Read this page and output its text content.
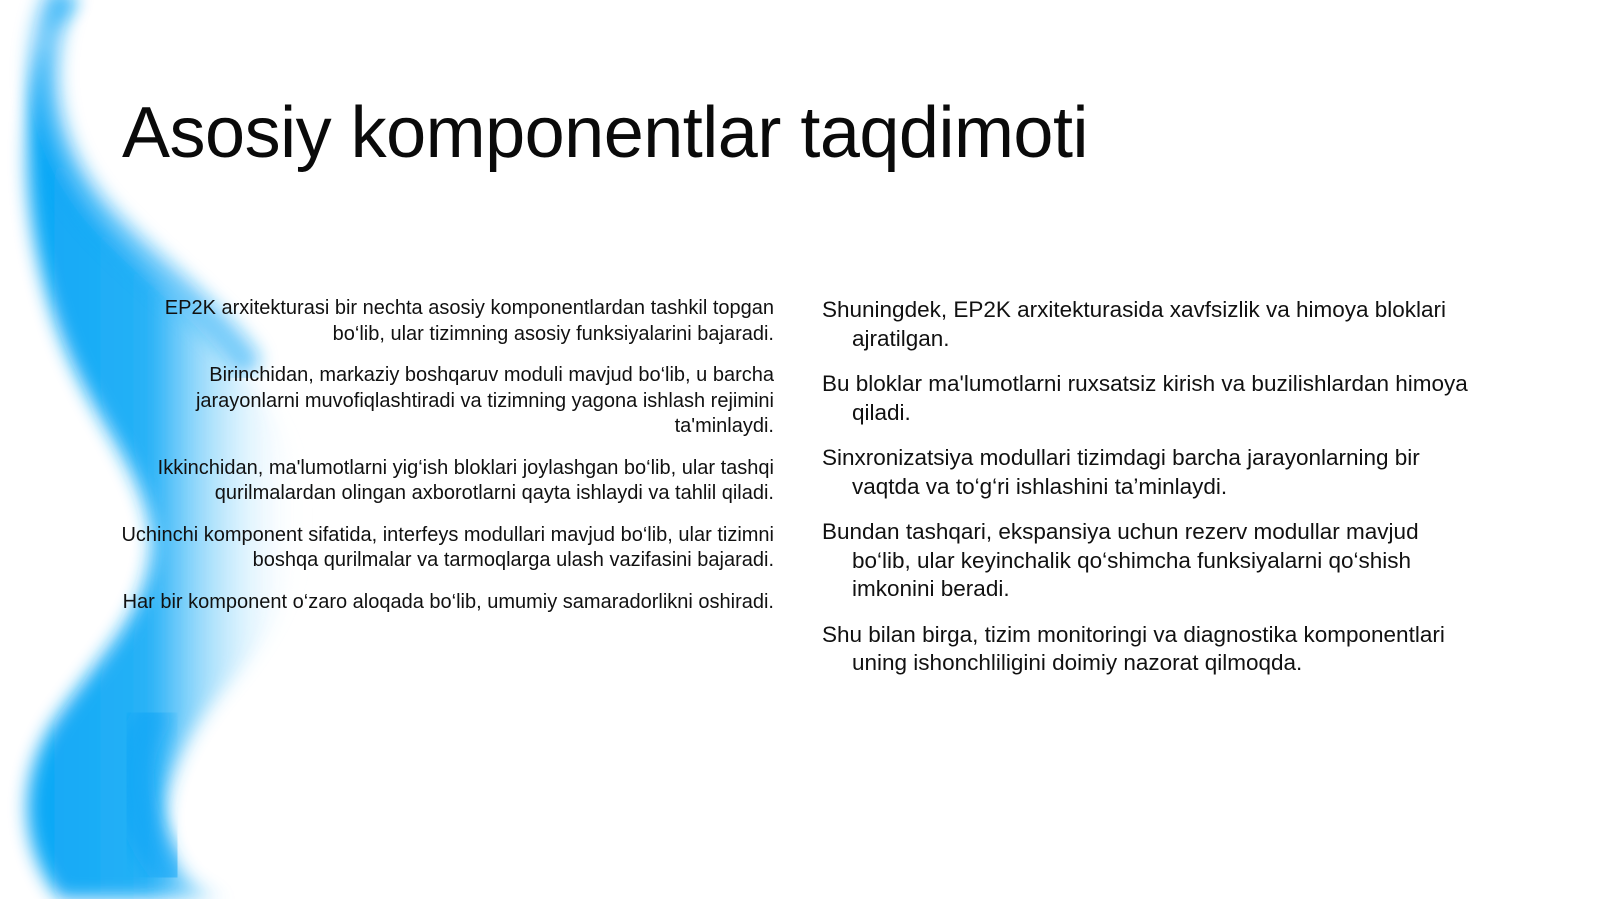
Asosiy komponentlar taqdimoti

EP2K arxitekturasi bir nechta asosiy komponentlardan tashkil topgan bo‘lib, ular tizimning asosiy funksiyalarini bajaradi.

Birinchidan, markaziy boshqaruv moduli mavjud bo‘lib, u barcha jarayonlarni muvofiqlashtiradi va tizimning yagona ishlash rejimini ta'minlaydi.

Ikkinchidan, ma'lumotlarni yig‘ish bloklari joylashgan bo‘lib, ular tashqi qurilmalardan olingan axborotlarni qayta ishlaydi va tahlil qiladi.

Uchinchi komponent sifatida, interfeys modullari mavjud bo‘lib, ular tizimni boshqa qurilmalar va tarmoqlarga ulash vazifasini bajaradi.

Har bir komponent o‘zaro aloqada bo‘lib, umumiy samaradorlikni oshiradi.

Shuningdek, EP2K arxitekturasida xavfsizlik va himoya bloklari ajratilgan.

Bu bloklar ma'lumotlarni ruxsatsiz kirish va buzilishlardan himoya qiladi.

Sinxronizatsiya modullari tizimdagi barcha jarayonlarning bir vaqtda va to‘g‘ri ishlashini ta’minlaydi.

Bundan tashqari, ekspansiya uchun rezerv modullar mavjud bo‘lib, ular keyinchalik qo‘shimcha funksiyalarni qo‘shish imkonini beradi.

Shu bilan birga, tizim monitoringi va diagnostika komponentlari uning ishonchliligini doimiy nazorat qilmoqda.
